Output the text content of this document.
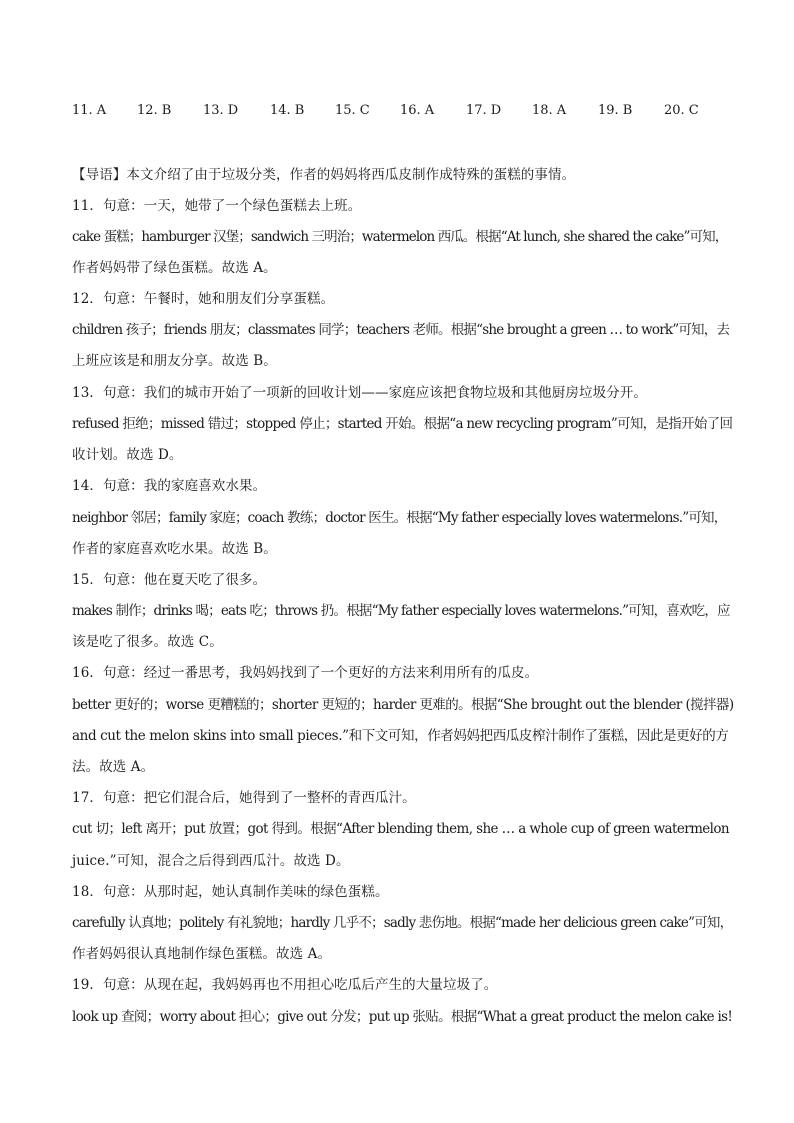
11. A 12. B 13. D 14. B 15. C 16. A 17. D 18. A 19. B 20. C
【导语】本文介绍了由于垃圾分类，作者的妈妈将西瓜皮制作成特殊的蛋糕的事情。
11．句意：一天，她带了一个绿色蛋糕去上班。
cake 蛋糕；hamburger 汉堡；sandwich 三明治；watermelon 西瓜。根据“At lunch, she shared the cake”可知，
作者妈妈带了绿色蛋糕。故选 A。
12．句意：午餐时，她和朋友们分享蛋糕。
children 孩子；friends 朋友；classmates 同学；teachers 老师。根据“she brought a green … to work”可知，去
上班应该是和朋友分享。故选 B。
13．句意：我们的城市开始了一项新的回收计划——家庭应该把食物垃圾和其他厨房垃圾分开。
refused 拒绝；missed 错过；stopped 停止；started 开始。根据“a new recycling program”可知，是指开始了回
收计划。故选 D。
14．句意：我的家庭喜欢水果。
neighbor 邻居；family 家庭；coach 教练；doctor 医生。根据“My father especially loves watermelons.”可知，
作者的家庭喜欢吃水果。故选 B。
15．句意：他在夏天吃了很多。
makes 制作；drinks 喝；eats 吃；throws 扔。根据“My father especially loves watermelons.”可知，喜欢吃，应
该是吃了很多。故选 C。
16．句意：经过一番思考，我妈妈找到了一个更好的方法来利用所有的瓜皮。
better 更好的；worse 更糟糕的；shorter 更短的；harder 更难的。根据“She brought out the blender (搅拌器)
and cut the melon skins into small pieces.”和下文可知，作者妈妈把西瓜皮榨汁制作了蛋糕，因此是更好的方
法。故选 A。
17．句意：把它们混合后，她得到了一整杯的青西瓜汁。
cut 切；left 离开；put 放置；got 得到。根据“After blending them, she … a whole cup of green watermelon
juice.”可知，混合之后得到西瓜汁。故选 D。
18．句意：从那时起，她认真制作美味的绿色蛋糕。
carefully 认真地；politely 有礼貌地；hardly 几乎不；sadly 悲伤地。根据“made her delicious green cake”可知，
作者妈妈很认真地制作绿色蛋糕。故选 A。
19．句意：从现在起，我妈妈再也不用担心吃瓜后产生的大量垃圾了。
look up 查阅；worry about 担心；give out 分发；put up 张贴。根据“What a great product the melon cake is!
